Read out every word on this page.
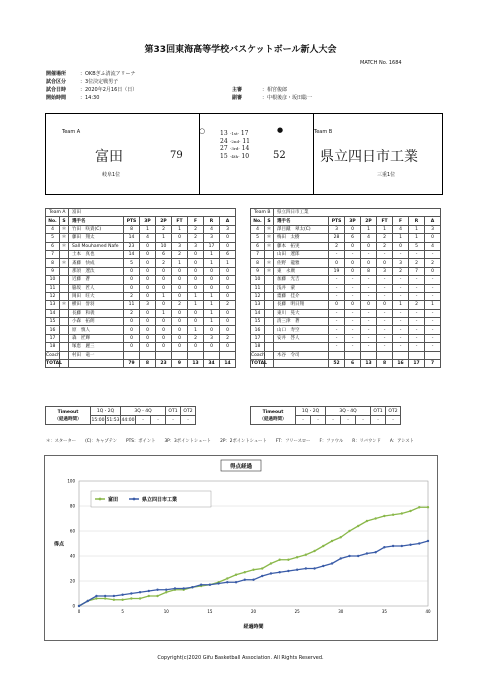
第33回東海高等学校バスケットボール新人大会
MATCH No. 1684
開催場所	：OKBぎふ清流アリーナ
試合区分	：3位決定戦男子
試合日時	：2020年2月16日（日）
開始時間	：14:30
主審	：相宮俊郎
副審	：中根後彦・坂田聡一
Team A
富田
岐阜1位
○
79
13 -1st- 17
24 -2nd- 11
27 -3rd- 14
15 -4th- 10
●
52
Team B
県立四日市工業
三重1位
Team A		富田							
No.	S	選手名	PTS	3P	2P	FT	F	R	A
4	＊	竹田　咲貴(C)	8	1	2	1	2	4	3
5	＊	藤田　翔太	14	4	1	0	2	3	0
6	＊	Sall Mouhamed Nafe	23	0	10	3	3	17	0
7		土本　真也	14	0	6	2	0	1	6
8	＊	斎藤　快成	5	0	2	1	0	1	1
9		那須　遼汰	0	0	0	0	0	0	0
10		近藤　蒼	0	0	0	0	0	0	0
11		脇坂　匠人	0	0	0	0	0	0	0
12		岡田　旺大	2	0	1	0	1	1	0
13	＊	横田　誉羽	11	3	0	2	1	1	2
14		長藤　和義	2	0	1	0	0	1	0
15		小森　拓朗	0	0	0	0	0	1	0
16		原　慎人	0	0	0	0	1	0	0
17		森　匠輝	0	0	0	0	2	3	2
18		塚恵　麗三	0	0	0	0	0	0	0
Coach		村田　竜一							
TOTAL			79	8	23	9	13	34	14
Team B		県立四日市工業							
No.	S	選手名	PTS	3P	2P	FT	F	R	A
4	＊	澤目蹴　翠太(C)	3	0	1	1	4	1	3
5	＊	梅田　太樹	28	6	4	2	1	1	0
6	＊	藤本　拓実	2	0	0	2	0	5	4
7		山田　遼郎	-	-	-	-	-	-	-
8	＊	佐野　龍雅	0	0	0	0	3	2	2
9	＊	東　永廣	19	0	8	3	2	7	0
10		加藤　光吉	-	-	-	-	-	-	-
11		浅井　蒙	-	-	-	-	-	-	-
12		齋藤　佳介	-	-	-	-	-	-	-
13		長藤　明日翔	0	0	0	0	1	2	1
14		東川　晃大	-	-	-	-	-	-	-
15		清三津　蒼	-	-	-	-	-	-	-
16		山口　寿空	-	-	-	-	-	-	-
17		安井　啓人	-	-	-	-	-	-	-
18			-	-	-	-	-	-	-
Coach		木谷　令司							
TOTAL			52	6	13	8	16	17	7
Timeout
（経過時間）	1Q・2Q		3Q・4Q			OT1	OT2
	15:00	51:53	44:00	-	-	-	-
Timeout
（経過時間）	1Q・2Q		3Q・4Q			OT1	OT2
	-	-	-	-	-	-	-
＊：スターター (C)：キャプテン PTS：ポイント 3P：3ポイントシュート 2P：2ポイントシュート FT：フリースロー F：ファウル R：リバウンド A：アシスト
得点経過
0
20
40
60
80
100
0	5	10	15	20	25	30	35	40
経過時間
得点
富田	県立四日市工業
Copyright(c)2020 Gifu Basketball Association. All Rights Reserved.
